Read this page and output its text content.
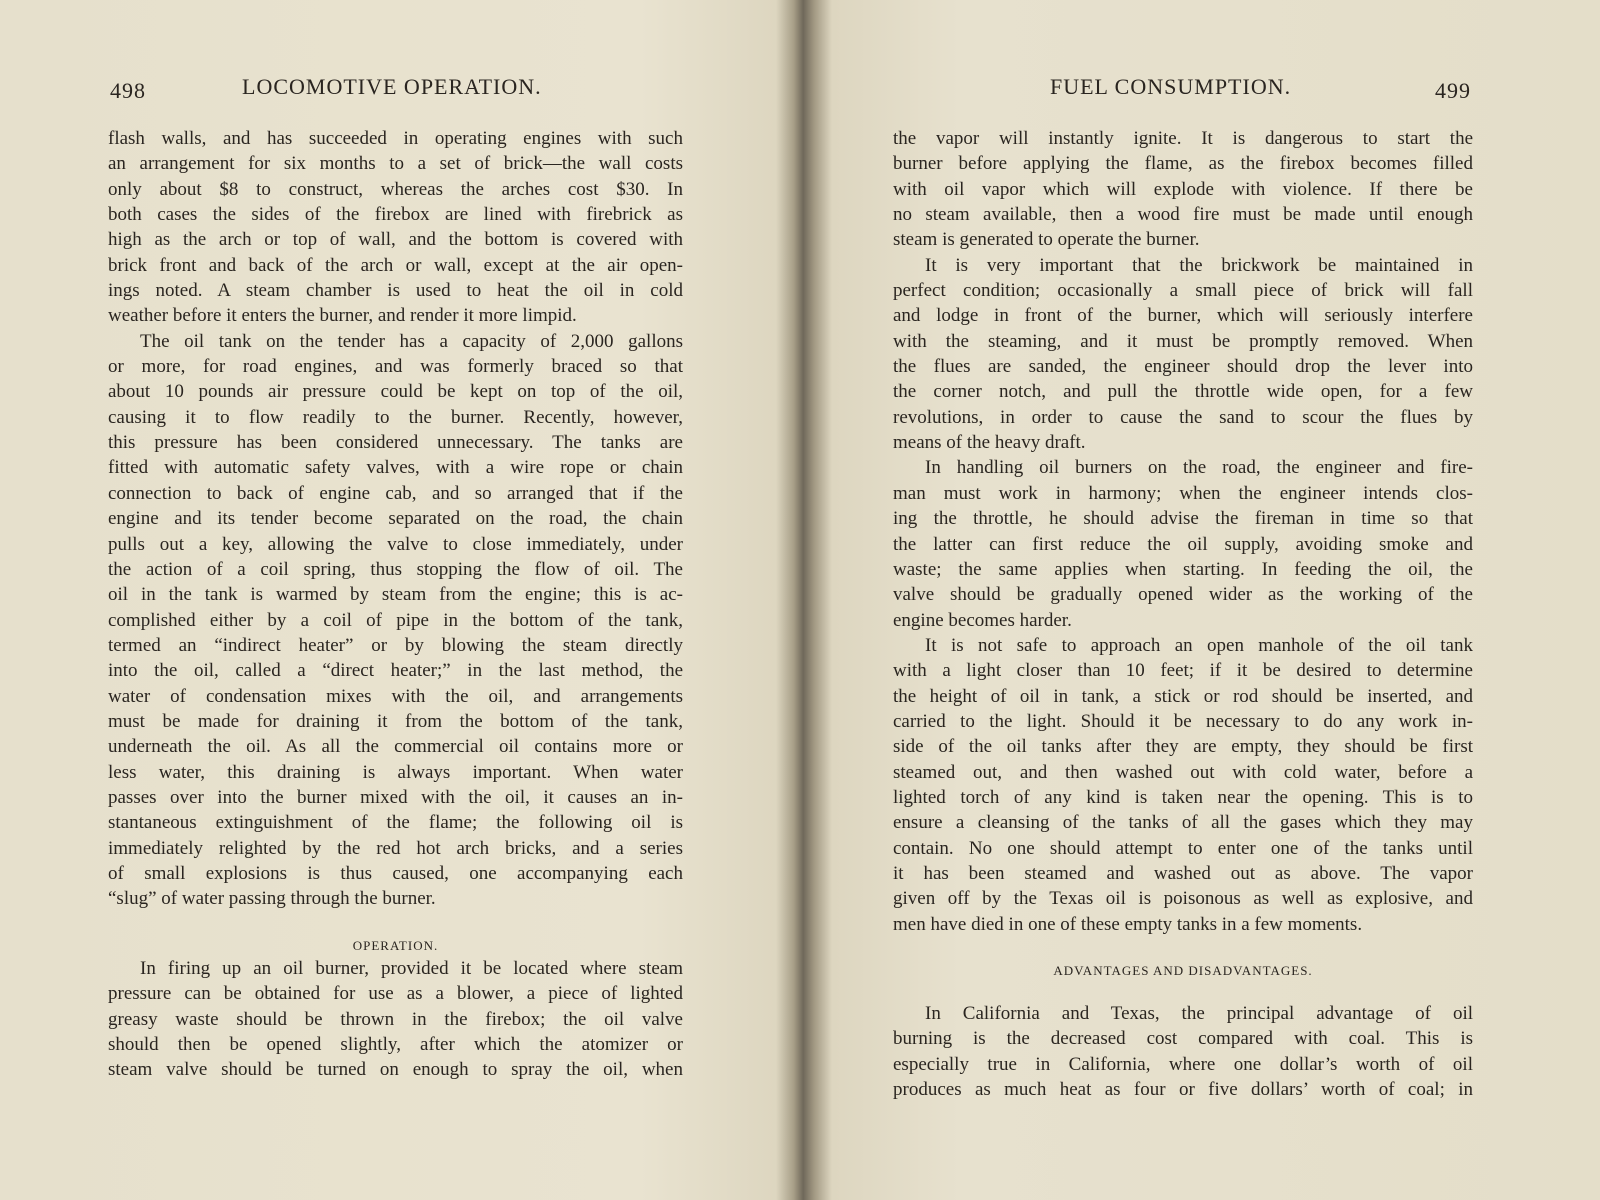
498	LOCOMOTIVE OPERATION.
flash walls, and has succeeded in operating engines with such
an arrangement for six months to a set of brick—the wall costs
only about $8 to construct, whereas the arches cost $30. In
both cases the sides of the firebox are lined with firebrick as
high as the arch or top of wall, and the bottom is covered with
brick front and back of the arch or wall, except at the air open-
ings noted. A steam chamber is used to heat the oil in cold
weather before it enters the burner, and render it more limpid.
The oil tank on the tender has a capacity of 2,000 gallons
or more, for road engines, and was formerly braced so that
about 10 pounds air pressure could be kept on top of the oil,
causing it to flow readily to the burner. Recently, however,
this pressure has been considered unnecessary. The tanks are
fitted with automatic safety valves, with a wire rope or chain
connection to back of engine cab, and so arranged that if the
engine and its tender become separated on the road, the chain
pulls out a key, allowing the valve to close immediately, under
the action of a coil spring, thus stopping the flow of oil. The
oil in the tank is warmed by steam from the engine; this is ac-
complished either by a coil of pipe in the bottom of the tank,
termed an “indirect heater” or by blowing the steam directly
into the oil, called a “direct heater;” in the last method, the
water of condensation mixes with the oil, and arrangements
must be made for draining it from the bottom of the tank,
underneath the oil. As all the commercial oil contains more or
less water, this draining is always important. When water
passes over into the burner mixed with the oil, it causes an in-
stantaneous extinguishment of the flame; the following oil is
immediately relighted by the red hot arch bricks, and a series
of small explosions is thus caused, one accompanying each
“slug” of water passing through the burner.
OPERATION.
In firing up an oil burner, provided it be located where steam
pressure can be obtained for use as a blower, a piece of lighted
greasy waste should be thrown in the firebox; the oil valve
should then be opened slightly, after which the atomizer or
steam valve should be turned on enough to spray the oil, when
FUEL CONSUMPTION.	499
the vapor will instantly ignite. It is dangerous to start the
burner before applying the flame, as the firebox becomes filled
with oil vapor which will explode with violence. If there be
no steam available, then a wood fire must be made until enough
steam is generated to operate the burner.
It is very important that the brickwork be maintained in
perfect condition; occasionally a small piece of brick will fall
and lodge in front of the burner, which will seriously interfere
with the steaming, and it must be promptly removed. When
the flues are sanded, the engineer should drop the lever into
the corner notch, and pull the throttle wide open, for a few
revolutions, in order to cause the sand to scour the flues by
means of the heavy draft.
In handling oil burners on the road, the engineer and fire-
man must work in harmony; when the engineer intends clos-
ing the throttle, he should advise the fireman in time so that
the latter can first reduce the oil supply, avoiding smoke and
waste; the same applies when starting. In feeding the oil, the
valve should be gradually opened wider as the working of the
engine becomes harder.
It is not safe to approach an open manhole of the oil tank
with a light closer than 10 feet; if it be desired to determine
the height of oil in tank, a stick or rod should be inserted, and
carried to the light. Should it be necessary to do any work in-
side of the oil tanks after they are empty, they should be first
steamed out, and then washed out with cold water, before a
lighted torch of any kind is taken near the opening. This is to
ensure a cleansing of the tanks of all the gases which they may
contain. No one should attempt to enter one of the tanks until
it has been steamed and washed out as above. The vapor
given off by the Texas oil is poisonous as well as explosive, and
men have died in one of these empty tanks in a few moments.
ADVANTAGES AND DISADVANTAGES.
In California and Texas, the principal advantage of oil
burning is the decreased cost compared with coal. This is
especially true in California, where one dollar’s worth of oil
produces as much heat as four or five dollars’ worth of coal; in
